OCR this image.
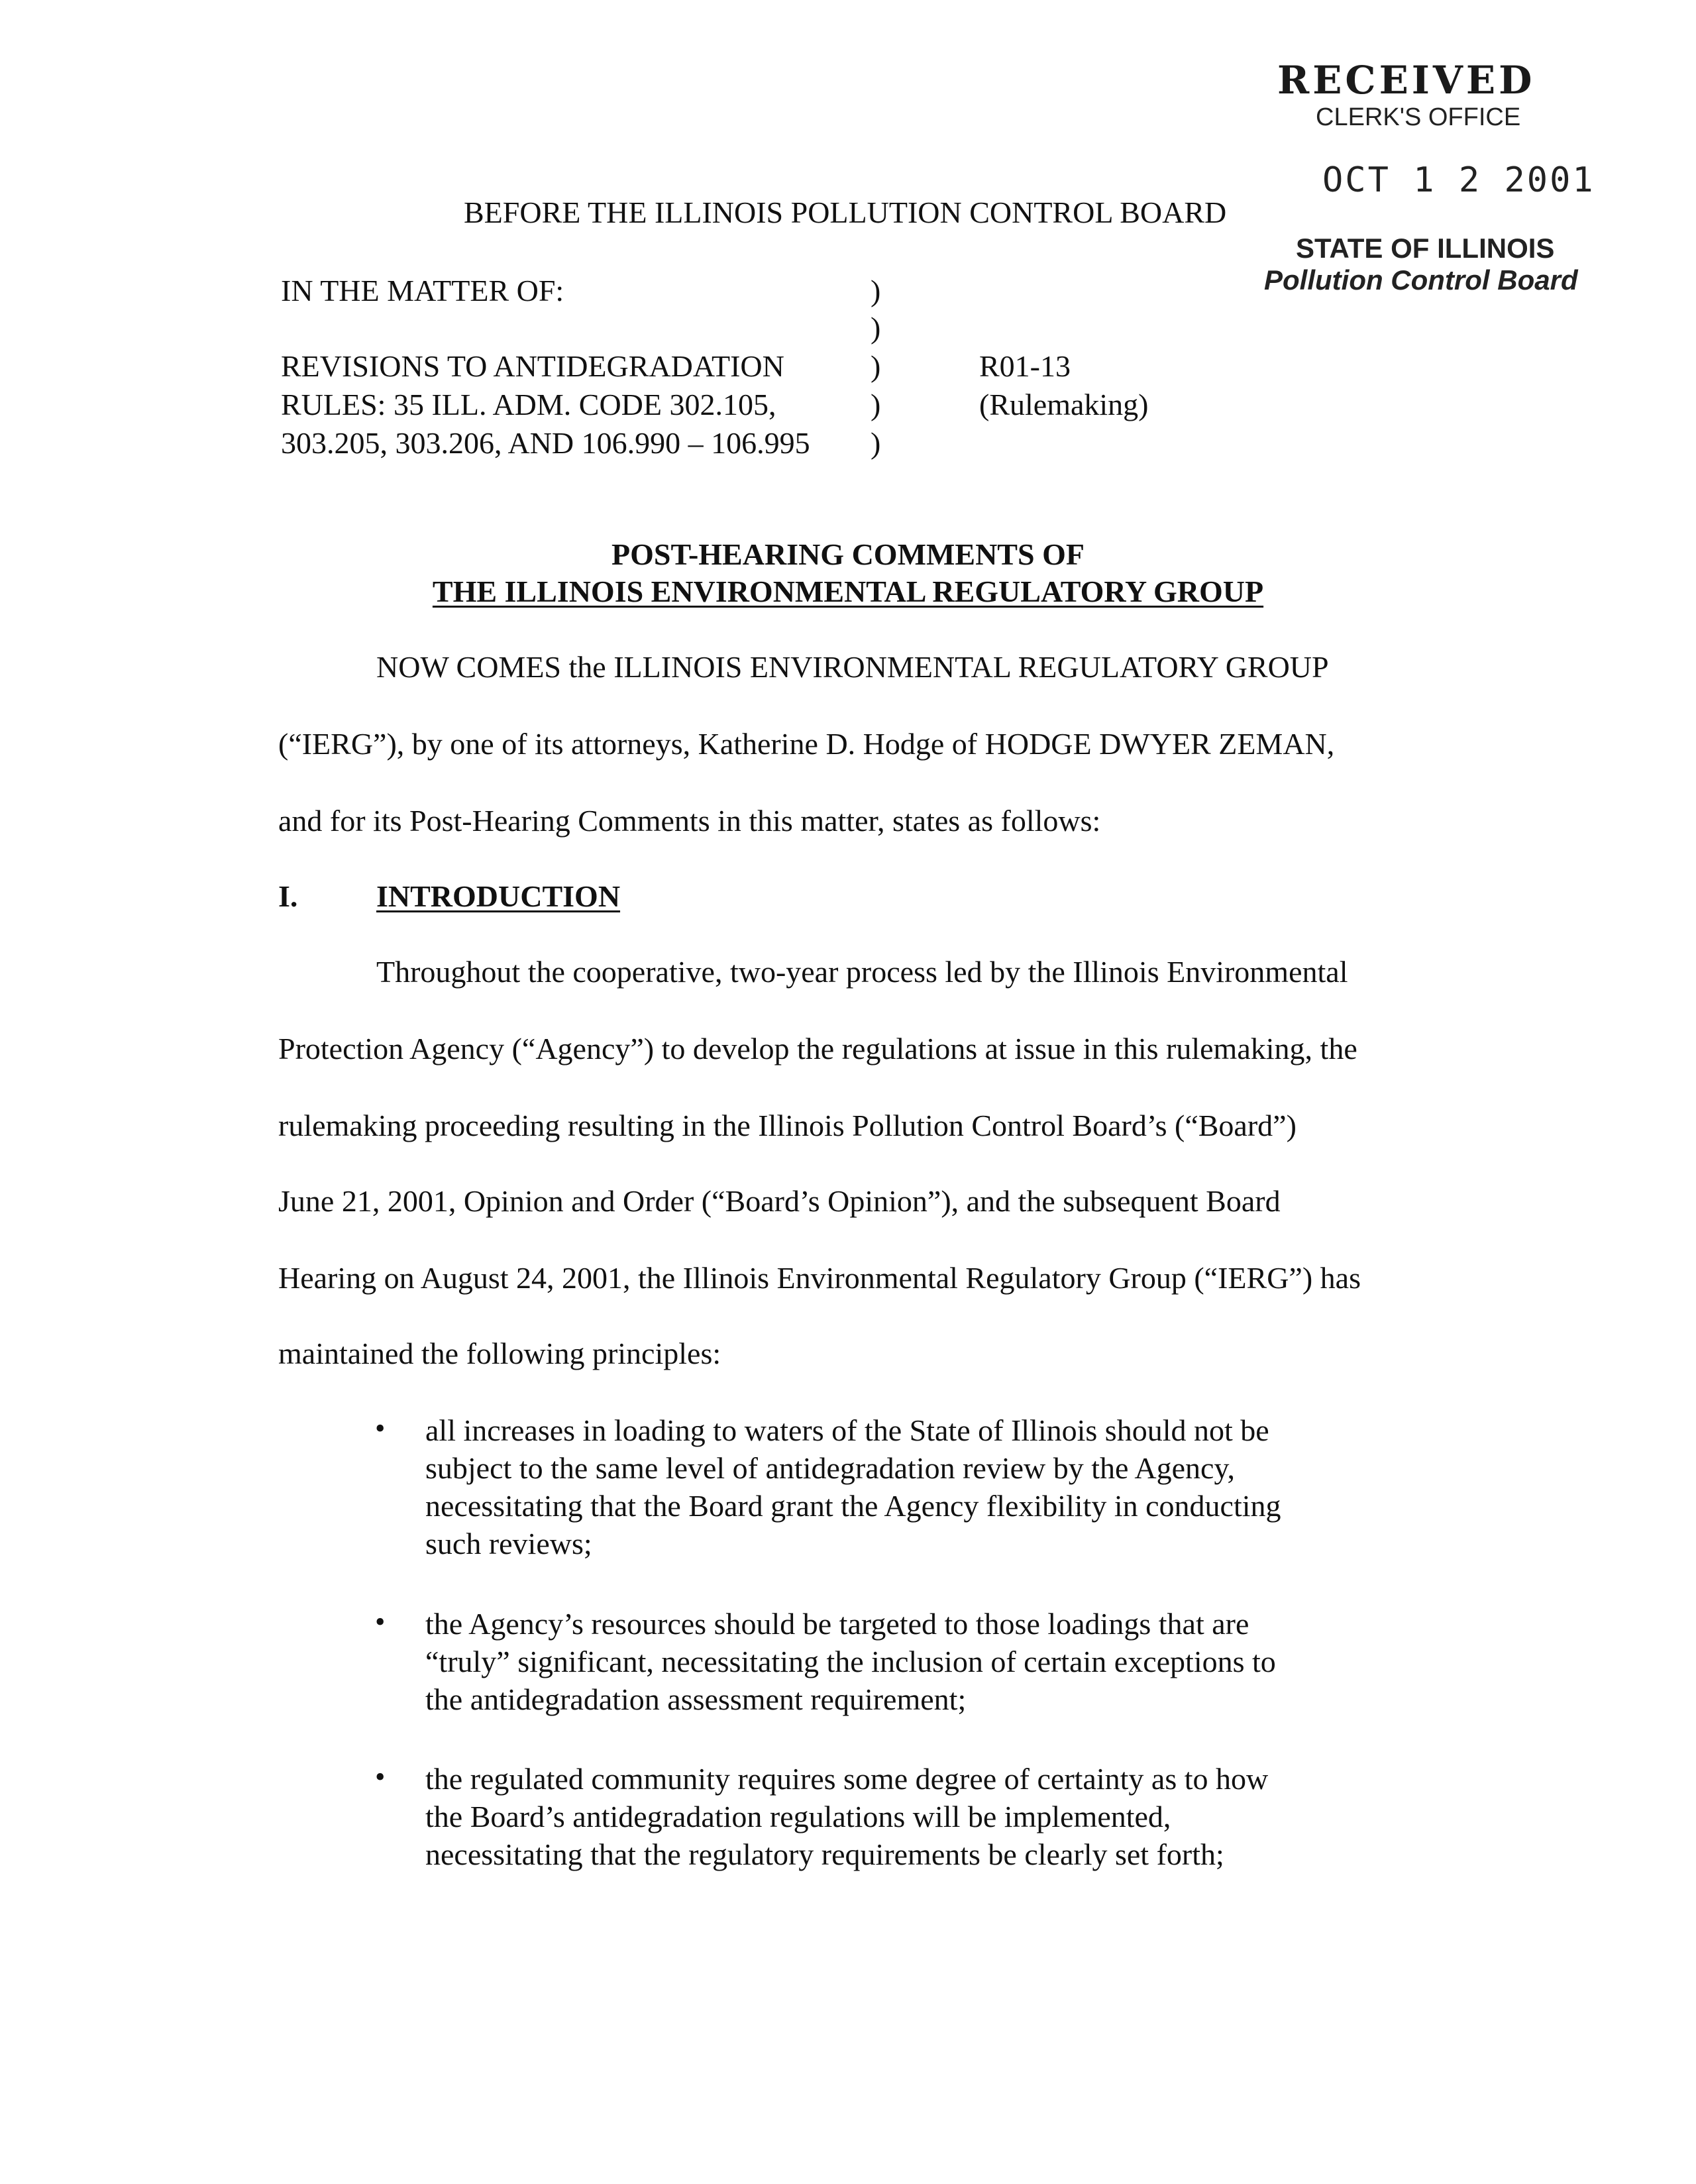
RECEIVED
CLERK'S OFFICE
OCT 1 2 2001
STATE OF ILLINOIS
Pollution Control Board
BEFORE THE ILLINOIS POLLUTION CONTROL BOARD
IN THE MATTER OF:
REVISIONS TO ANTIDEGRADATION
RULES: 35 ILL. ADM. CODE 302.105,
303.205, 303.206, AND 106.990 – 106.995
)
)
)
)
)
R01-13
(Rulemaking)
POST-HEARING COMMENTS OF
THE ILLINOIS ENVIRONMENTAL REGULATORY GROUP
NOW COMES the ILLINOIS ENVIRONMENTAL REGULATORY GROUP
(“IERG”), by one of its attorneys, Katherine D. Hodge of HODGE DWYER ZEMAN,
and for its Post-Hearing Comments in this matter, states as follows:
I.	INTRODUCTION
Throughout the cooperative, two-year process led by the Illinois Environmental
Protection Agency (“Agency”) to develop the regulations at issue in this rulemaking, the
rulemaking proceeding resulting in the Illinois Pollution Control Board’s (“Board”)
June 21, 2001, Opinion and Order (“Board’s Opinion”), and the subsequent Board
Hearing on August 24, 2001, the Illinois Environmental Regulatory Group (“IERG”) has
maintained the following principles:
• all increases in loading to waters of the State of Illinois should not be
subject to the same level of antidegradation review by the Agency,
necessitating that the Board grant the Agency flexibility in conducting
such reviews;
• the Agency’s resources should be targeted to those loadings that are
“truly” significant, necessitating the inclusion of certain exceptions to
the antidegradation assessment requirement;
• the regulated community requires some degree of certainty as to how
the Board’s antidegradation regulations will be implemented,
necessitating that the regulatory requirements be clearly set forth;
